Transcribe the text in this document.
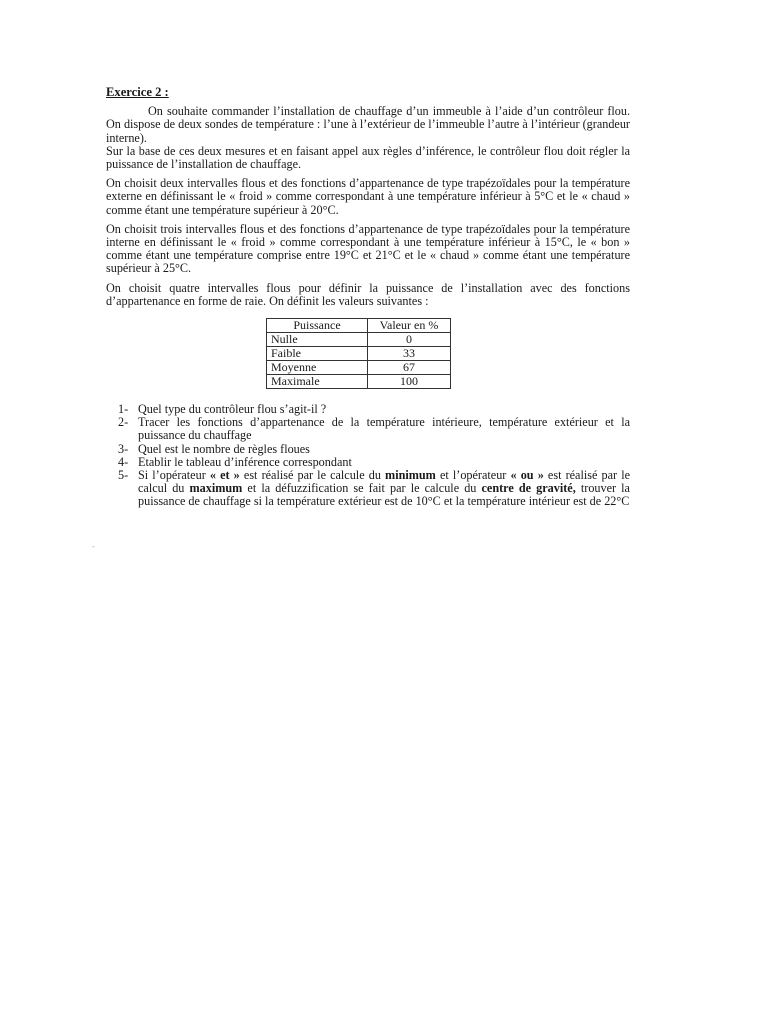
Exercice 2 :

On souhaite commander l’installation de chauffage d’un immeuble à l’aide d’un contrôleur flou. On dispose de deux sondes de température : l’une à l’extérieur de l’immeuble l’autre à l’intérieur (grandeur interne).

Sur la base de ces deux mesures et en faisant appel aux règles d’inférence, le contrôleur flou doit régler la puissance de l’installation de chauffage.

On choisit deux intervalles flous et des fonctions d’appartenance de type trapézoïdales pour la température externe en définissant le « froid » comme correspondant à une température inférieur à 5°C et le « chaud » comme étant une température supérieur à 20°C.

On choisit trois intervalles flous et des fonctions d’appartenance de type trapézoïdales pour la température interne en définissant le « froid » comme correspondant à une température inférieur à 15°C, le « bon » comme étant une température comprise entre 19°C et 21°C et le « chaud » comme étant une température supérieur à 25°C.

On choisit quatre intervalles flous pour définir la puissance de l’installation avec des fonctions d’appartenance en forme de raie. On définit les valeurs suivantes :

Puissance	Valeur en %
Nulle	0
Faible	33
Moyenne	67
Maximale	100
1- Quel type du contrôleur flou s’agit-il ?
2- Tracer les fonctions d’appartenance de la température intérieure, température extérieur et la puissance du chauffage
3- Quel est le nombre de règles floues
4- Etablir le tableau d’inférence correspondant
5- Si l’opérateur « et » est réalisé par le calcule du minimum et l’opérateur « ou » est réalisé par le calcul du maximum et la défuzzification se fait par le calcule du centre de gravité, trouver la puissance de chauffage si la température extérieur est de 10°C et la température intérieur est de 22°C
-
